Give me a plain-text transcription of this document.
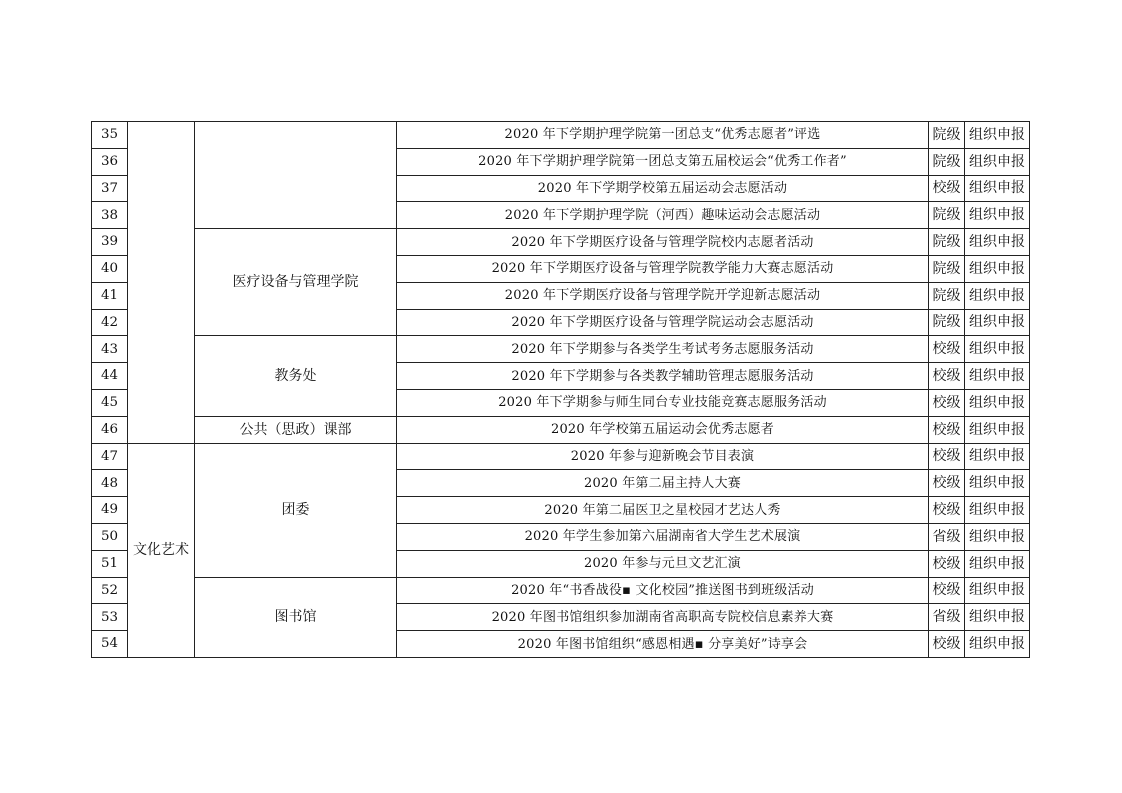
35			2020 年下学期护理学院第一团总支“优秀志愿者”评选	院级	组织申报
36			2020 年下学期护理学院第一团总支第五届校运会“优秀工作者”	院级	组织申报
37			2020 年下学期学校第五届运动会志愿活动	校级	组织申报
38			2020 年下学期护理学院（河西）趣味运动会志愿活动	院级	组织申报
39		医疗设备与管理学院	2020 年下学期医疗设备与管理学院校内志愿者活动	院级	组织申报
40			2020 年下学期医疗设备与管理学院教学能力大赛志愿活动	院级	组织申报
41			2020 年下学期医疗设备与管理学院开学迎新志愿活动	院级	组织申报
42			2020 年下学期医疗设备与管理学院运动会志愿活动	院级	组织申报
43		教务处	2020 年下学期参与各类学生考试考务志愿服务活动	校级	组织申报
44			2020 年下学期参与各类教学辅助管理志愿服务活动	校级	组织申报
45			2020 年下学期参与师生同台专业技能竞赛志愿服务活动	校级	组织申报
46		公共（思政）课部	2020 年学校第五届运动会优秀志愿者	校级	组织申报
47	文化艺术	团委	2020 年参与迎新晚会节目表演	校级	组织申报
48			2020 年第二届主持人大赛	校级	组织申报
49			2020 年第二届医卫之星校园才艺达人秀	校级	组织申报
50			2020 年学生参加第六届湖南省大学生艺术展演	省级	组织申报
51			2020 年参与元旦文艺汇演	校级	组织申报
52		图书馆	2020 年“书香战役▪ 文化校园”推送图书到班级活动	校级	组织申报
53			2020 年图书馆组织参加湖南省高职高专院校信息素养大赛	省级	组织申报
54			2020 年图书馆组织“感恩相遇▪ 分享美好”诗享会	校级	组织申报
